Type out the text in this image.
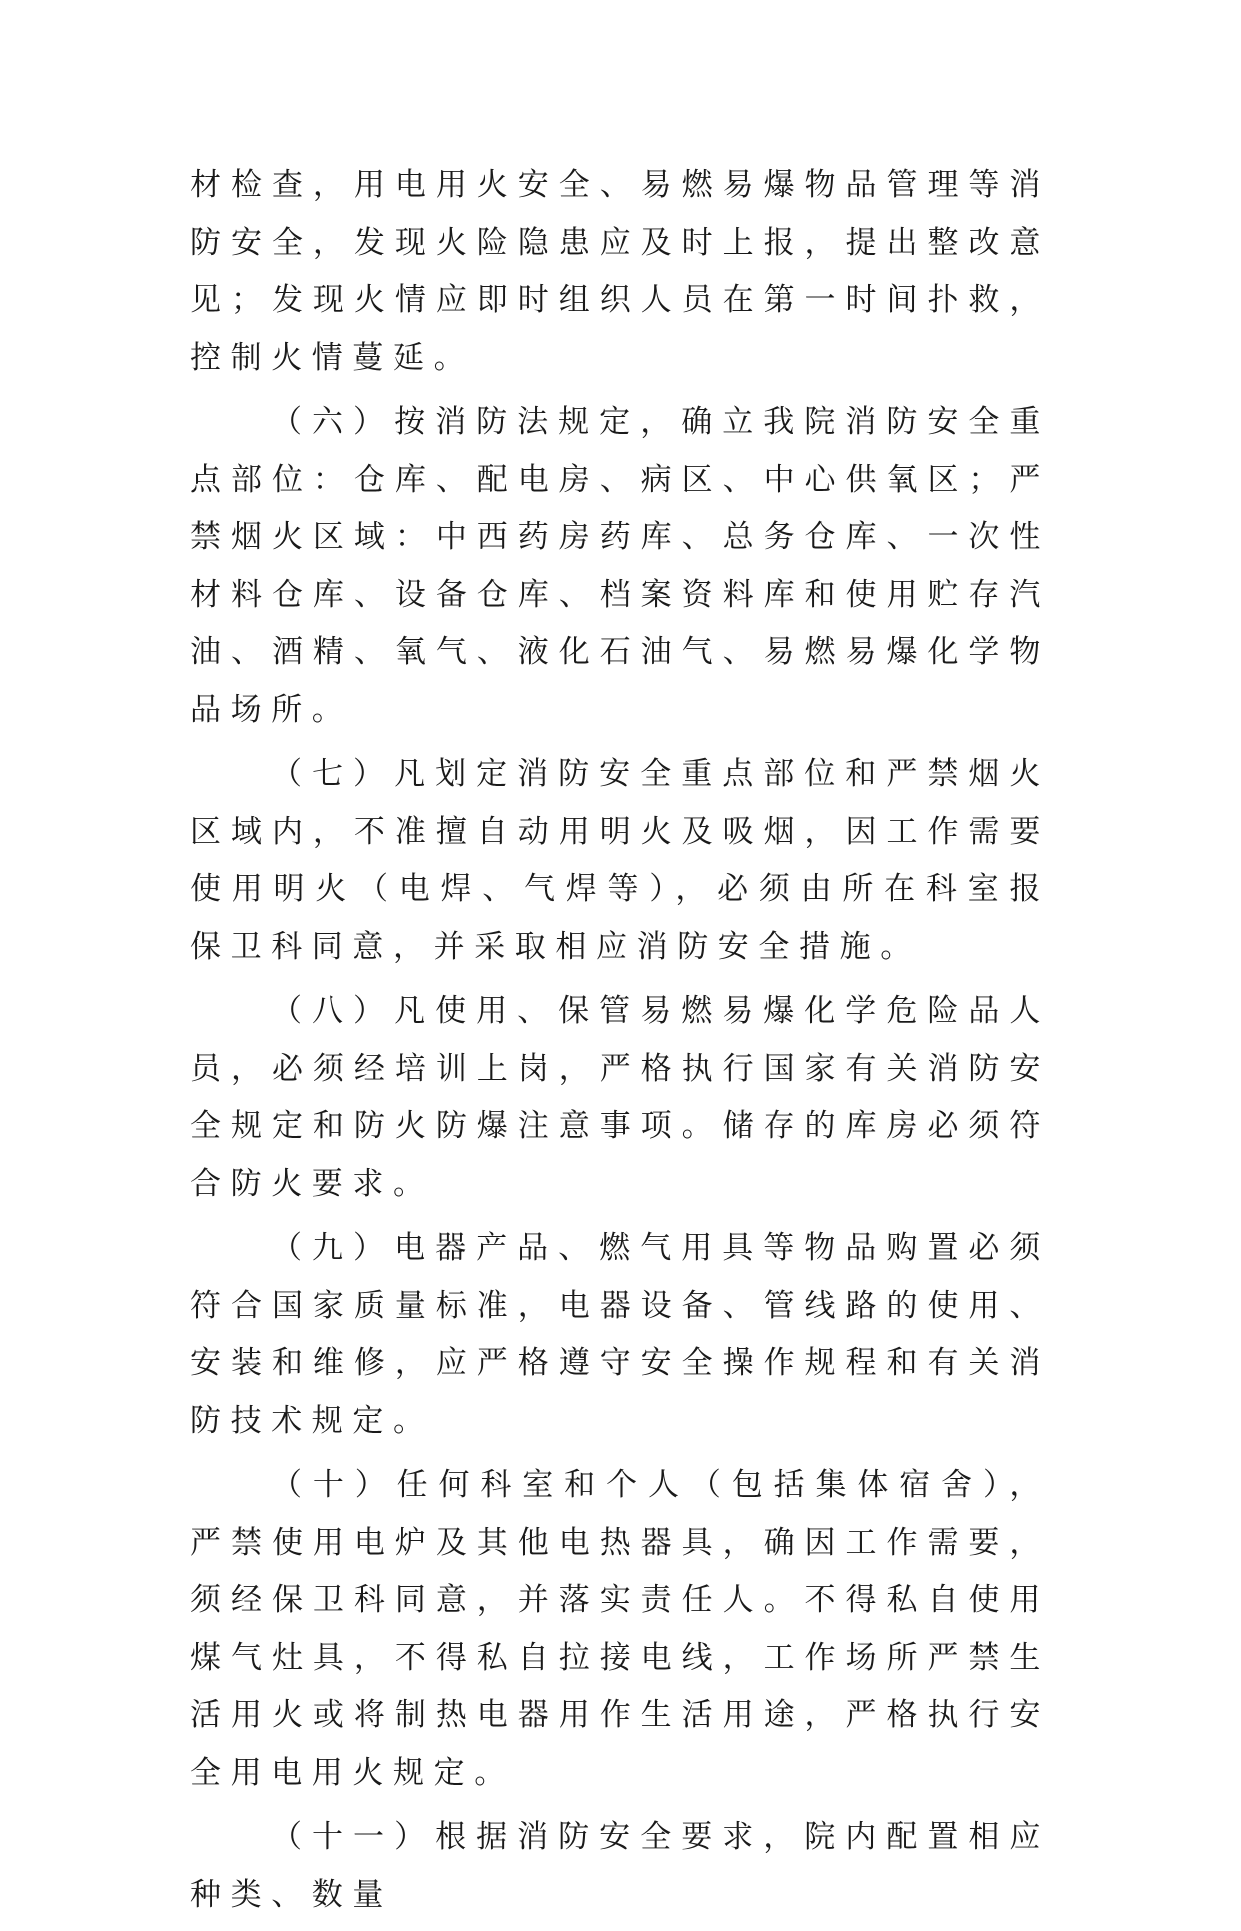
材检查，用电用火安全、易燃易爆物品管理等消防安全，发现火险隐患应及时上报，提出整改意见；发现火情应即时组织人员在第一时间扑救，控制火情蔓延。

（六）按消防法规定，确立我院消防安全重点部位：仓库、配电房、病区、中心供氧区；严禁烟火区域：中西药房药库、总务仓库、一次性材料仓库、设备仓库、档案资料库和使用贮存汽油、酒精、氧气、液化石油气、易燃易爆化学物品场所。

（七）凡划定消防安全重点部位和严禁烟火区域内，不准擅自动用明火及吸烟，因工作需要使用明火（电焊、气焊等），必须由所在科室报保卫科同意，并采取相应消防安全措施。

（八）凡使用、保管易燃易爆化学危险品人员，必须经培训上岗，严格执行国家有关消防安全规定和防火防爆注意事项。储存的库房必须符合防火要求。

（九）电器产品、燃气用具等物品购置必须符合国家质量标准，电器设备、管线路的使用、安装和维修，应严格遵守安全操作规程和有关消防技术规定。

（十）任何科室和个人（包括集体宿舍），严禁使用电炉及其他电热器具，确因工作需要，须经保卫科同意，并落实责任人。不得私自使用煤气灶具，不得私自拉接电线，工作场所严禁生活用火或将制热电器用作生活用途，严格执行安全用电用火规定。

（十一）根据消防安全要求，院内配置相应种类、数量
